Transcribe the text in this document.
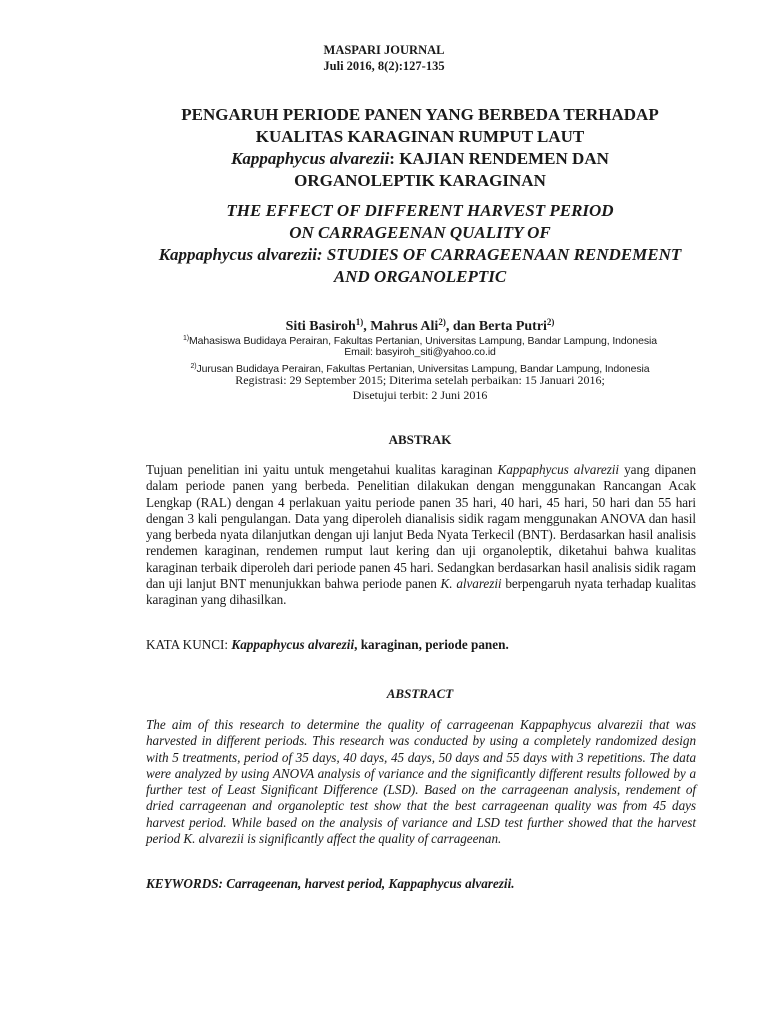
MASPARI JOURNAL
Juli 2016, 8(2):127-135
PENGARUH PERIODE PANEN YANG BERBEDA TERHADAP
KUALITAS KARAGINAN RUMPUT LAUT
Kappaphycus alvarezii: KAJIAN RENDEMEN DAN
ORGANOLEPTIK KARAGINAN
THE EFFECT OF DIFFERENT HARVEST PERIOD
ON CARRAGEENAN QUALITY OF
Kappaphycus alvarezii: STUDIES OF CARRAGEENAAN RENDEMENT
AND ORGANOLEPTIC
Siti Basiroh$^{1)}$, Mahrus Ali$^{2)}$, dan Berta Putri$^{2)}$
$^{1)}$Mahasiswa Budidaya Perairan, Fakultas Pertanian, Universitas Lampung, Bandar Lampung, Indonesia
Email: basyiroh_siti@yahoo.co.id
$^{2)}$Jurusan Budidaya Perairan, Fakultas Pertanian, Universitas Lampung, Bandar Lampung, Indonesia
Registrasi: 29 September 2015; Diterima setelah perbaikan: 15 Januari 2016;
Disetujui terbit: 2 Juni 2016
ABSTRAK
Tujuan penelitian ini yaitu untuk mengetahui kualitas karaginan Kappaphycus alvarezii yang dipanen dalam periode panen yang berbeda. Penelitian dilakukan dengan menggunakan Rancangan Acak Lengkap (RAL) dengan 4 perlakuan yaitu periode panen 35 hari, 40 hari, 45 hari, 50 hari dan 55 hari dengan 3 kali pengulangan. Data yang diperoleh dianalisis sidik ragam menggunakan ANOVA dan hasil yang berbeda nyata dilanjutkan dengan uji lanjut Beda Nyata Terkecil (BNT). Berdasarkan hasil analisis rendemen karaginan, rendemen rumput laut kering dan uji organoleptik, diketahui bahwa kualitas karaginan terbaik diperoleh dari periode panen 45 hari. Sedangkan berdasarkan hasil analisis sidik ragam dan uji lanjut BNT menunjukkan bahwa periode panen K. alvarezii berpengaruh nyata terhadap kualitas karaginan yang dihasilkan.
KATA KUNCI: Kappaphycus alvarezii, karaginan, periode panen.
ABSTRACT
The aim of this research to determine the quality of carrageenan Kappaphycus alvarezii that was harvested in different periods. This research was conducted by using a completely randomized design with 5 treatments, period of 35 days, 40 days, 45 days, 50 days and 55 days with 3 repetitions. The data were analyzed by using ANOVA analysis of variance and the significantly different results followed by a further test of Least Significant Difference (LSD). Based on the carrageenan analysis, rendement of dried carrageenan and organoleptic test show that the best carrageenan quality was from 45 days harvest period. While based on the analysis of variance and LSD test further showed that the harvest period K. alvarezii is significantly affect the quality of carrageenan.
KEYWORDS: Carrageenan, harvest period, Kappaphycus alvarezii.
